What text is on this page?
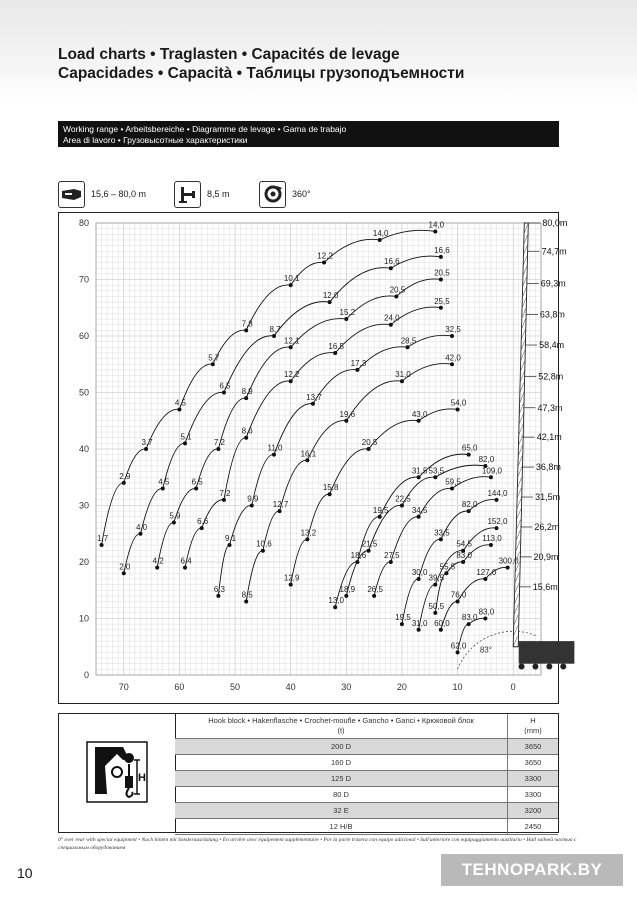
Load charts • Traglasten • Capacités de levage
Capacidades • Capacità • Таблицы грузоподъемности
Working range • Arbeitsbereiche • Diagramme de levage • Gama de trabajo
Area di lavoro • Грузовысотные характеристики
15,6 – 80,0 m	8,5 m	360°
70	60	50	40	30	20	10	0
0
10
20
30
40
50
60
70
80
83°
80,0m
74,7m
69,3m
63,8m
58,4m
52,8m
47,3m
42,1m
36,8m
31,5m
26,2m
20,9m
15,6m
1,7
2,9
3,7
4,5
5,7
7,8
10,1
12,2
14,0
14,0
2,0
4,0
4,5
5,1
6,5
8,7
12,0
16,6
16,6
4,2
5,9
6,5
7,2
8,9
12,1
15,2
20,5
20,5
6,4
6,6
7,2
8,6
12,2
16,5
24,0
25,5
6,3
9,1
9,9
11,0
13,7
17,3
28,5
32,5
8,5
10,6
12,7
16,1
19,6
31,0
42,0
12,9
13,2
15,8
20,5
43,0
54,0
13,0
18,6
19,5
31,5
65,0
18,9
21,5
22,5
53,5
82,0
26,5
27,5
34,5
59,5
109,0
19,5
30,0
33,5
82,0
144,0
31,0
39,5
54,5
152,0
50,5
55,5
83,0
113,0
60,0
76,0
127,0
300,0
62,0
83,0
83,0
H
Hook block • Hakenflasche • Crochet-moufle • Gancho • Ganci • Крюковой блок
(t)	H
(mm)
200 D	3650
160 D	3650
125 D	3300
80 D	3300
32 E	3200
12 H/B	2450
0° over rear with special equipment • Nach hinten mit Sonderausrüstung • En arrière avec équipement supplémentaire • Por la parte trasera con equipo adicional • Sull'anteriore con equipaggiamento ausiliario • Над задней частью с специальным оборудованием
10	TEHNOPARK.BY
